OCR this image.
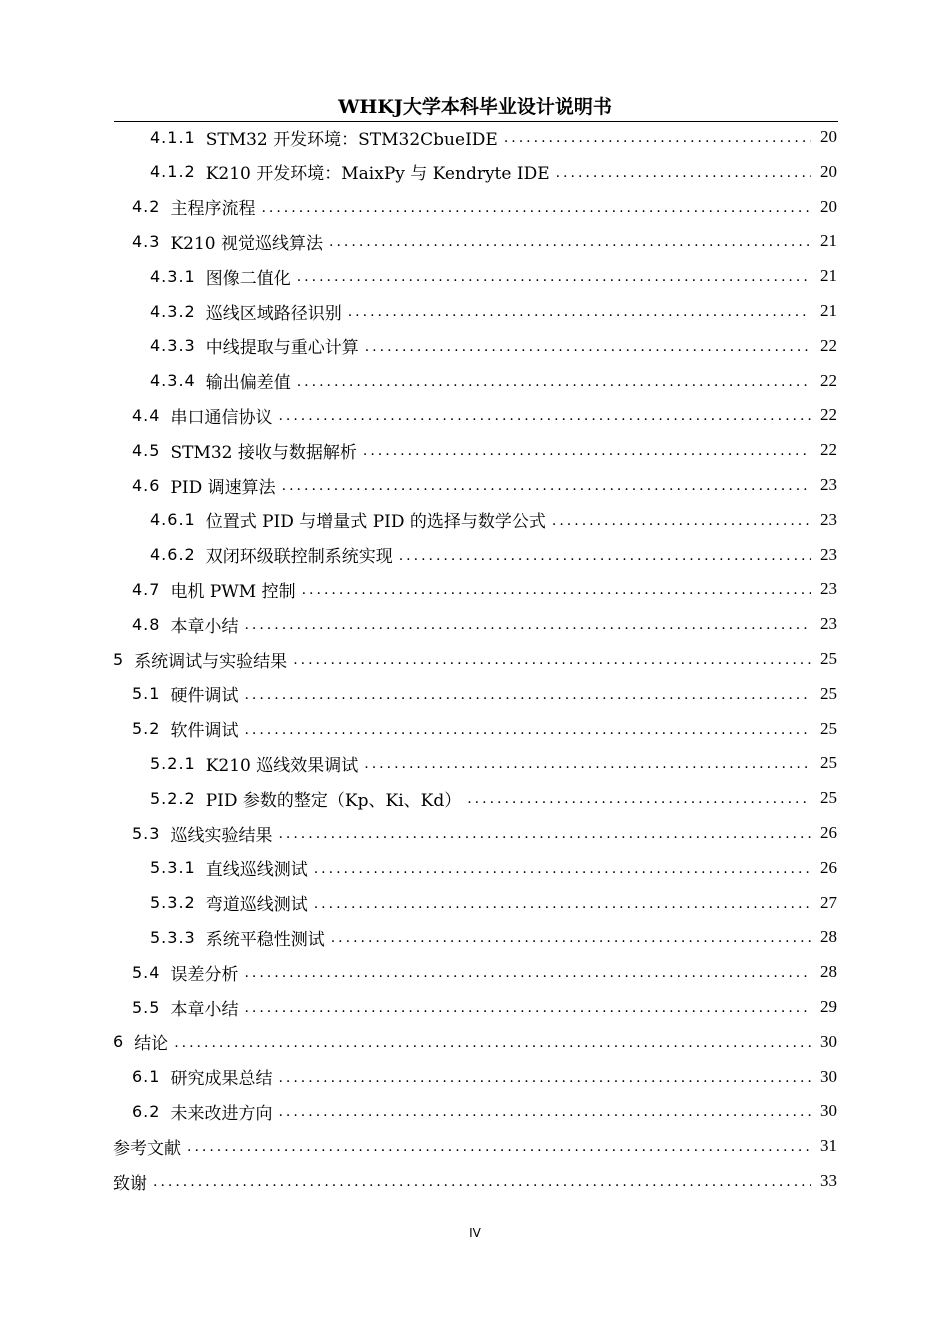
WHKJ大学本科毕业设计说明书
4.1.1 STM32 开发环境：STM32CbueIDE .....	20
4.1.2 K210 开发环境：MaixPy 与 Kendryte IDE .....	20
4.2 主程序流程 .....	20
4.3 K210 视觉巡线算法 .....	21
4.3.1 图像二值化 .....	21
4.3.2 巡线区域路径识别 .....	21
4.3.3 中线提取与重心计算 .....	22
4.3.4 输出偏差值 .....	22
4.4 串口通信协议 .....	22
4.5 STM32 接收与数据解析 .....	22
4.6 PID 调速算法 .....	23
4.6.1 位置式 PID 与增量式 PID 的选择与数学公式 .....	23
4.6.2 双闭环级联控制系统实现 .....	23
4.7 电机 PWM 控制 .....	23
4.8 本章小结 .....	23
5 系统调试与实验结果 .....	25
5.1 硬件调试 .....	25
5.2 软件调试 .....	25
5.2.1 K210 巡线效果调试 .....	25
5.2.2 PID 参数的整定（Kp、Ki、Kd） .....	25
5.3 巡线实验结果 .....	26
5.3.1 直线巡线测试 .....	26
5.3.2 弯道巡线测试 .....	27
5.3.3 系统平稳性测试 .....	28
5.4 误差分析 .....	28
5.5 本章小结 .....	29
6 结论 .....	30
6.1 研究成果总结 .....	30
6.2 未来改进方向 .....	30
参考文献 .....	31
致谢 .....	33
IV
